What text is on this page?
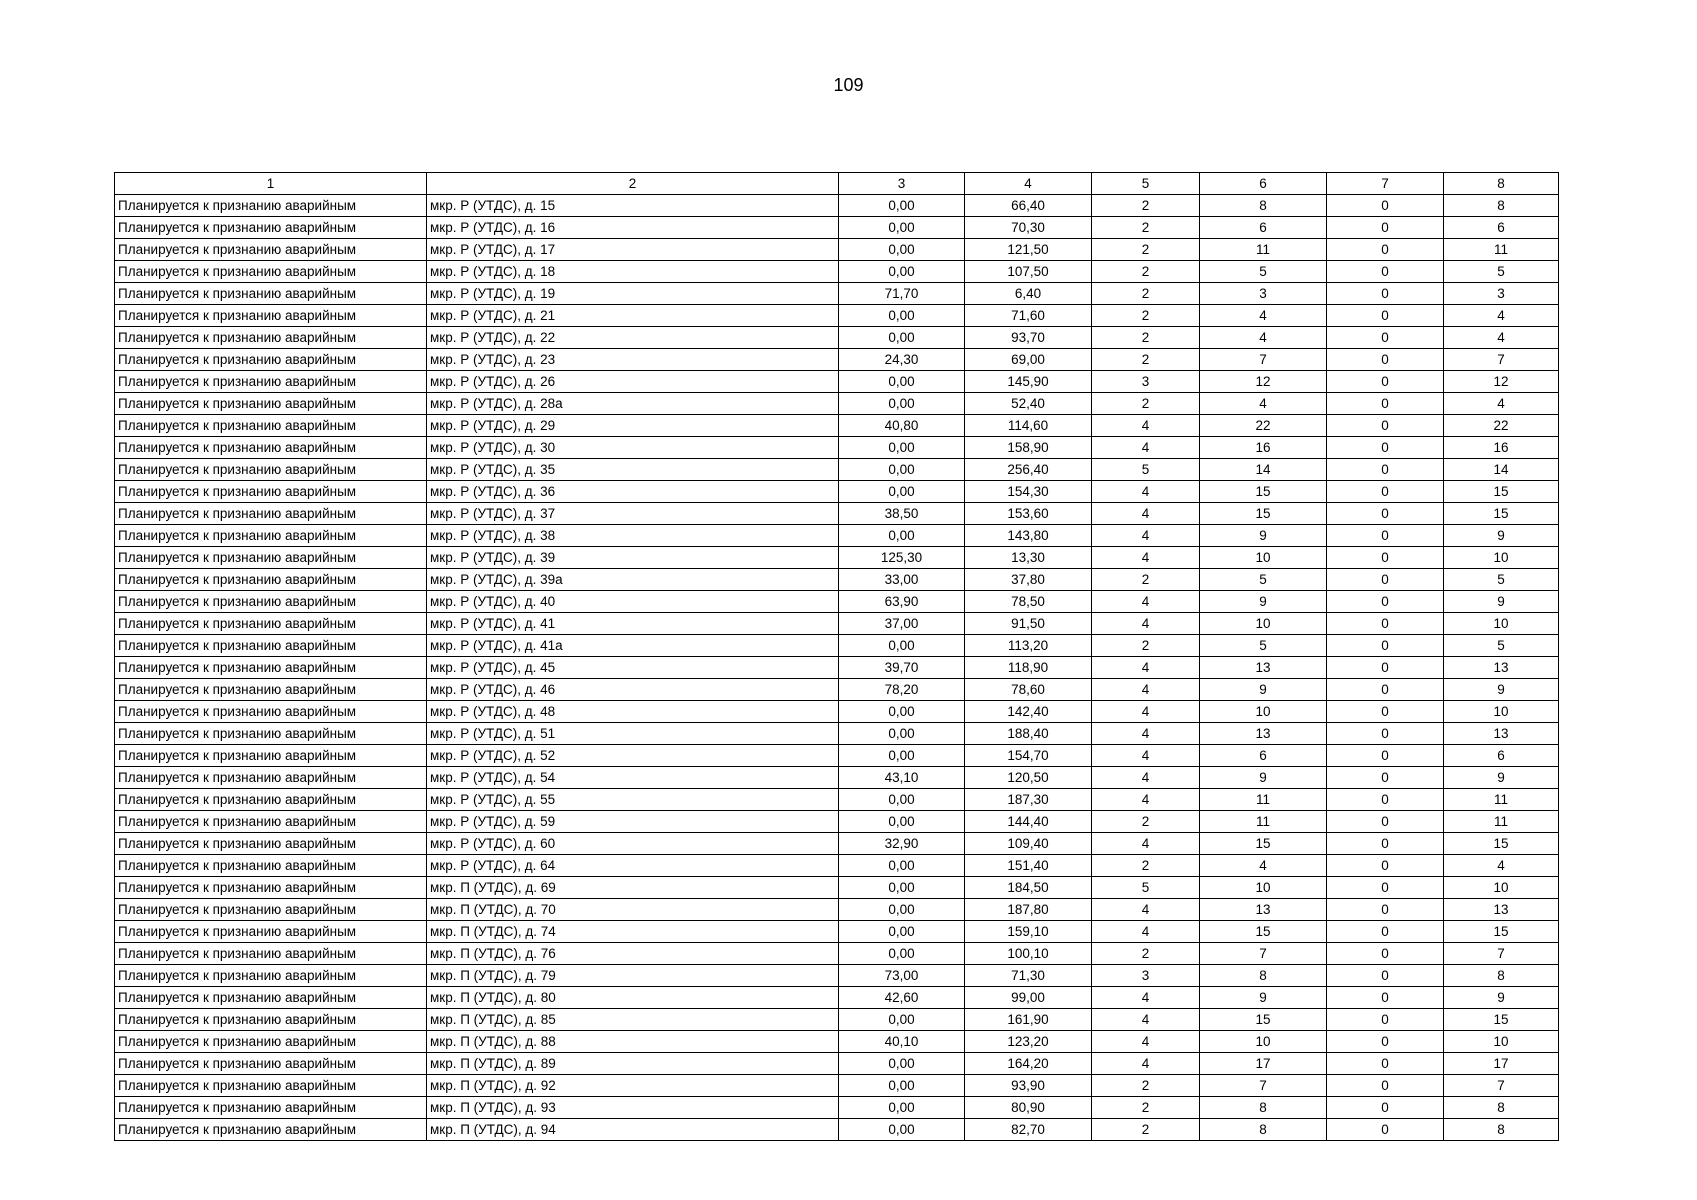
109
1	2	3	4	5	6	7	8
Планируется к признанию аварийным	мкр. Р (УТДС), д. 15	0,00	66,40	2	8	0	8
Планируется к признанию аварийным	мкр. Р (УТДС), д. 16	0,00	70,30	2	6	0	6
Планируется к признанию аварийным	мкр. Р (УТДС), д. 17	0,00	121,50	2	11	0	11
Планируется к признанию аварийным	мкр. Р (УТДС), д. 18	0,00	107,50	2	5	0	5
Планируется к признанию аварийным	мкр. Р (УТДС), д. 19	71,70	6,40	2	3	0	3
Планируется к признанию аварийным	мкр. Р (УТДС), д. 21	0,00	71,60	2	4	0	4
Планируется к признанию аварийным	мкр. Р (УТДС), д. 22	0,00	93,70	2	4	0	4
Планируется к признанию аварийным	мкр. Р (УТДС), д. 23	24,30	69,00	2	7	0	7
Планируется к признанию аварийным	мкр. Р (УТДС), д. 26	0,00	145,90	3	12	0	12
Планируется к признанию аварийным	мкр. Р (УТДС), д. 28а	0,00	52,40	2	4	0	4
Планируется к признанию аварийным	мкр. Р (УТДС), д. 29	40,80	114,60	4	22	0	22
Планируется к признанию аварийным	мкр. Р (УТДС), д. 30	0,00	158,90	4	16	0	16
Планируется к признанию аварийным	мкр. Р (УТДС), д. 35	0,00	256,40	5	14	0	14
Планируется к признанию аварийным	мкр. Р (УТДС), д. 36	0,00	154,30	4	15	0	15
Планируется к признанию аварийным	мкр. Р (УТДС), д. 37	38,50	153,60	4	15	0	15
Планируется к признанию аварийным	мкр. Р (УТДС), д. 38	0,00	143,80	4	9	0	9
Планируется к признанию аварийным	мкр. Р (УТДС), д. 39	125,30	13,30	4	10	0	10
Планируется к признанию аварийным	мкр. Р (УТДС), д. 39а	33,00	37,80	2	5	0	5
Планируется к признанию аварийным	мкр. Р (УТДС), д. 40	63,90	78,50	4	9	0	9
Планируется к признанию аварийным	мкр. Р (УТДС), д. 41	37,00	91,50	4	10	0	10
Планируется к признанию аварийным	мкр. Р (УТДС), д. 41а	0,00	113,20	2	5	0	5
Планируется к признанию аварийным	мкр. Р (УТДС), д. 45	39,70	118,90	4	13	0	13
Планируется к признанию аварийным	мкр. Р (УТДС), д. 46	78,20	78,60	4	9	0	9
Планируется к признанию аварийным	мкр. Р (УТДС), д. 48	0,00	142,40	4	10	0	10
Планируется к признанию аварийным	мкр. Р (УТДС), д. 51	0,00	188,40	4	13	0	13
Планируется к признанию аварийным	мкр. Р (УТДС), д. 52	0,00	154,70	4	6	0	6
Планируется к признанию аварийным	мкр. Р (УТДС), д. 54	43,10	120,50	4	9	0	9
Планируется к признанию аварийным	мкр. Р (УТДС), д. 55	0,00	187,30	4	11	0	11
Планируется к признанию аварийным	мкр. Р (УТДС), д. 59	0,00	144,40	2	11	0	11
Планируется к признанию аварийным	мкр. Р (УТДС), д. 60	32,90	109,40	4	15	0	15
Планируется к признанию аварийным	мкр. Р (УТДС), д. 64	0,00	151,40	2	4	0	4
Планируется к признанию аварийным	мкр. П (УТДС), д. 69	0,00	184,50	5	10	0	10
Планируется к признанию аварийным	мкр. П (УТДС), д. 70	0,00	187,80	4	13	0	13
Планируется к признанию аварийным	мкр. П (УТДС), д. 74	0,00	159,10	4	15	0	15
Планируется к признанию аварийным	мкр. П (УТДС), д. 76	0,00	100,10	2	7	0	7
Планируется к признанию аварийным	мкр. П (УТДС), д. 79	73,00	71,30	3	8	0	8
Планируется к признанию аварийным	мкр. П (УТДС), д. 80	42,60	99,00	4	9	0	9
Планируется к признанию аварийным	мкр. П (УТДС), д. 85	0,00	161,90	4	15	0	15
Планируется к признанию аварийным	мкр. П (УТДС), д. 88	40,10	123,20	4	10	0	10
Планируется к признанию аварийным	мкр. П (УТДС), д. 89	0,00	164,20	4	17	0	17
Планируется к признанию аварийным	мкр. П (УТДС), д. 92	0,00	93,90	2	7	0	7
Планируется к признанию аварийным	мкр. П (УТДС), д. 93	0,00	80,90	2	8	0	8
Планируется к признанию аварийным	мкр. П (УТДС), д. 94	0,00	82,70	2	8	0	8
